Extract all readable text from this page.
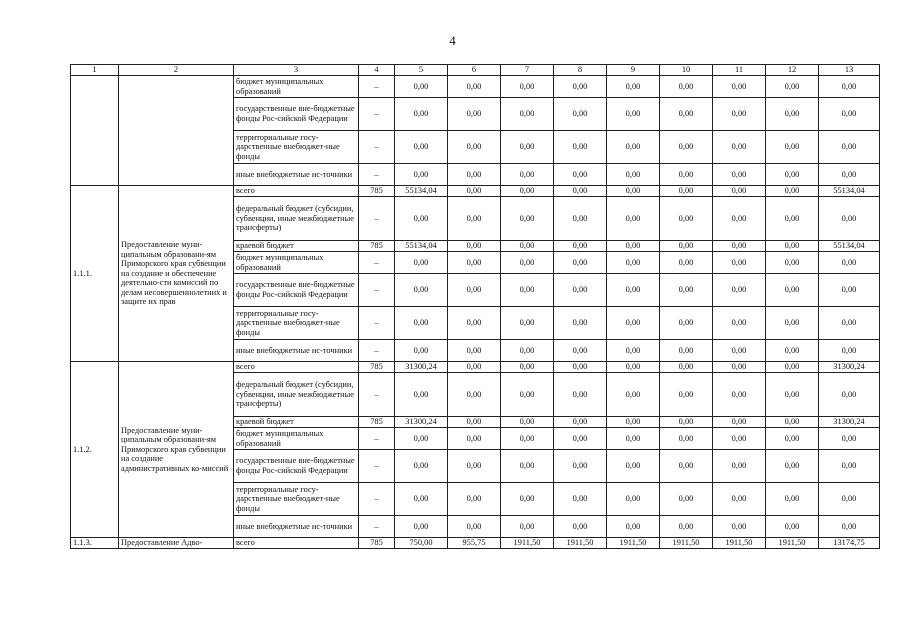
4
1	2	3	4	5	6	7	8	9	10	11	12	13
		бюджет муниципальных образований	–	0,00	0,00	0,00	0,00	0,00	0,00	0,00	0,00	0,00
		государственные вне-бюджетные фонды Рос-сийской Федерации	–	0,00	0,00	0,00	0,00	0,00	0,00	0,00	0,00	0,00
		территориальные госу-дарственные внебюджет-ные фонды	–	0,00	0,00	0,00	0,00	0,00	0,00	0,00	0,00	0,00
		иные внебюджетные ис-точники	–	0,00	0,00	0,00	0,00	0,00	0,00	0,00	0,00	0,00
1.1.1.	Предоставление муни-ципальным образовани-ям Приморского края субвенции на создание и обеспечение деятельно-сти комиссий по делам несовершеннолетних и защите их прав	всего	785	55134,04	0,00	0,00	0,00	0,00	0,00	0,00	0,00	55134,04
		федеральный бюджет (субсидии, субвенции, иные межбюджетные трансферты)	–	0,00	0,00	0,00	0,00	0,00	0,00	0,00	0,00	0,00
		краевой бюджет	785	55134,04	0,00	0,00	0,00	0,00	0,00	0,00	0,00	55134,04
		бюджет муниципальных образований	–	0,00	0,00	0,00	0,00	0,00	0,00	0,00	0,00	0,00
		государственные вне-бюджетные фонды Рос-сийской Федерации	–	0,00	0,00	0,00	0,00	0,00	0,00	0,00	0,00	0,00
		территориальные госу-дарственные внебюджет-ные фонды	–	0,00	0,00	0,00	0,00	0,00	0,00	0,00	0,00	0,00
		иные внебюджетные ис-точники	–	0,00	0,00	0,00	0,00	0,00	0,00	0,00	0,00	0,00
1.1.2.	Предоставление муни-ципальным образовани-ям Приморского края субвенции на создание административных ко-миссий	всего	785	31300,24	0,00	0,00	0,00	0,00	0,00	0,00	0,00	31300,24
		федеральный бюджет (субсидии, субвенции, иные межбюджетные трансферты)	–	0,00	0,00	0,00	0,00	0,00	0,00	0,00	0,00	0,00
		краевой бюджет	785	31300,24	0,00	0,00	0,00	0,00	0,00	0,00	0,00	31300,24
		бюджет муниципальных образований	–	0,00	0,00	0,00	0,00	0,00	0,00	0,00	0,00	0,00
		государственные вне-бюджетные фонды Рос-сийской Федерации	–	0,00	0,00	0,00	0,00	0,00	0,00	0,00	0,00	0,00
		территориальные госу-дарственные внебюджет-ные фонды	–	0,00	0,00	0,00	0,00	0,00	0,00	0,00	0,00	0,00
		иные внебюджетные ис-точники	–	0,00	0,00	0,00	0,00	0,00	0,00	0,00	0,00	0,00
1.1.3.	Предоставление Адво-	всего	785	750,00	955,75	1911,50	1911,50	1911,50	1911,50	1911,50	1911,50	13174,75
